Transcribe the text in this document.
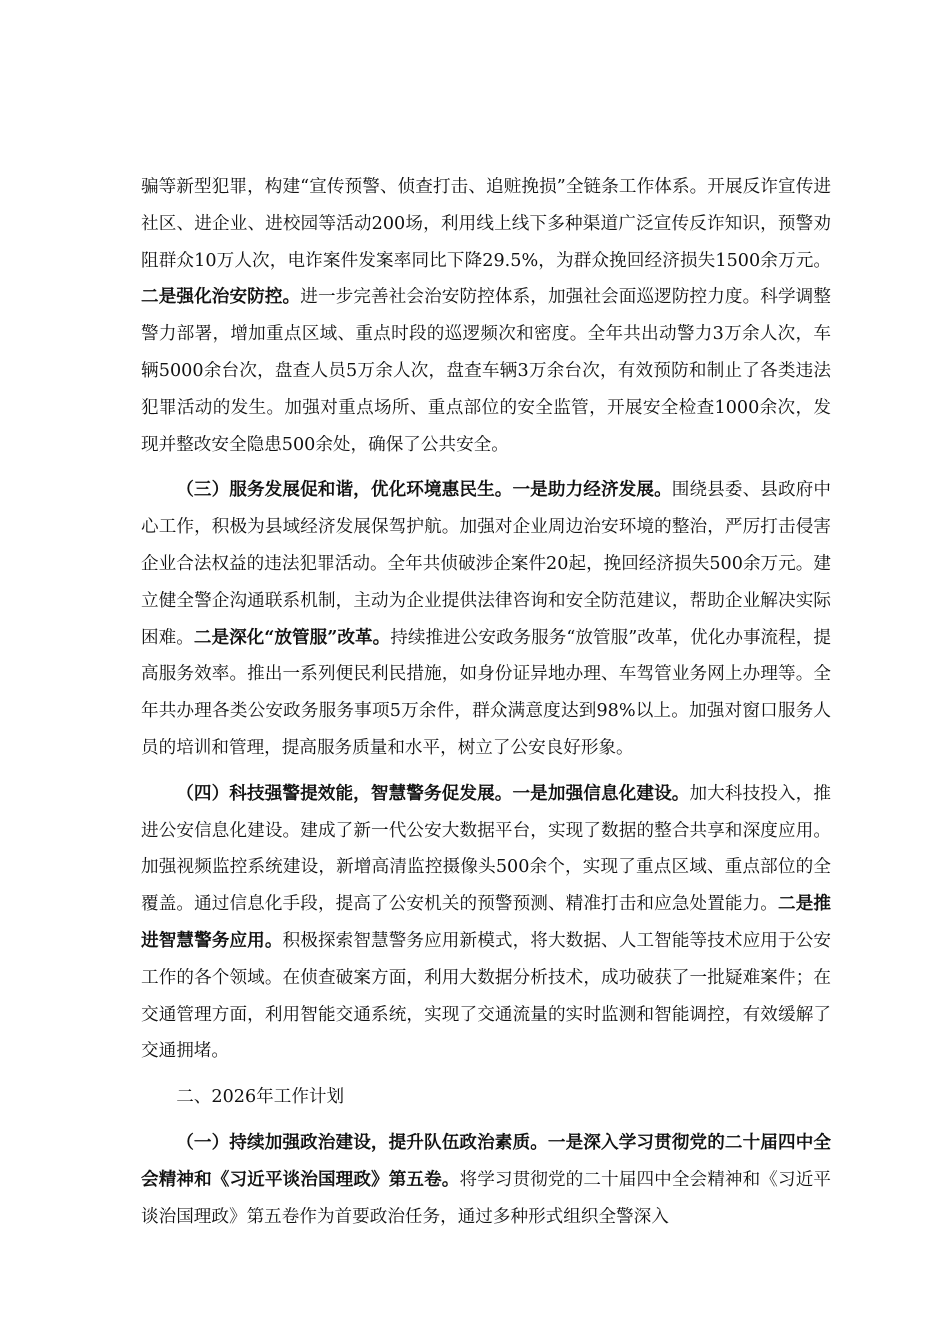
骗等新型犯罪，构建“宣传预警、侦查打击、追赃挽损”全链条工作体系。开展反诈宣传进社区、进企业、进校园等活动200场，利用线上线下多种渠道广泛宣传反诈知识，预警劝阻群众10万人次，电诈案件发案率同比下降29.5%，为群众挽回经济损失1500余万元。二是强化治安防控。进一步完善社会治安防控体系，加强社会面巡逻防控力度。科学调整警力部署，增加重点区域、重点时段的巡逻频次和密度。全年共出动警力3万余人次，车辆5000余台次，盘查人员5万余人次，盘查车辆3万余台次，有效预防和制止了各类违法犯罪活动的发生。加强对重点场所、重点部位的安全监管，开展安全检查1000余次，发现并整改安全隐患500余处，确保了公共安全。

（三）服务发展促和谐，优化环境惠民生。一是助力经济发展。围绕县委、县政府中心工作，积极为县域经济发展保驾护航。加强对企业周边治安环境的整治，严厉打击侵害企业合法权益的违法犯罪活动。全年共侦破涉企案件20起，挽回经济损失500余万元。建立健全警企沟通联系机制，主动为企业提供法律咨询和安全防范建议，帮助企业解决实际困难。二是深化“放管服”改革。持续推进公安政务服务“放管服”改革，优化办事流程，提高服务效率。推出一系列便民利民措施，如身份证异地办理、车驾管业务网上办理等。全年共办理各类公安政务服务事项5万余件，群众满意度达到98%以上。加强对窗口服务人员的培训和管理，提高服务质量和水平，树立了公安良好形象。

（四）科技强警提效能，智慧警务促发展。一是加强信息化建设。加大科技投入，推进公安信息化建设。建成了新一代公安大数据平台，实现了数据的整合共享和深度应用。加强视频监控系统建设，新增高清监控摄像头500余个，实现了重点区域、重点部位的全覆盖。通过信息化手段，提高了公安机关的预警预测、精准打击和应急处置能力。二是推进智慧警务应用。积极探索智慧警务应用新模式，将大数据、人工智能等技术应用于公安工作的各个领域。在侦查破案方面，利用大数据分析技术，成功破获了一批疑难案件；在交通管理方面，利用智能交通系统，实现了交通流量的实时监测和智能调控，有效缓解了交通拥堵。

二、2026年工作计划

（一）持续加强政治建设，提升队伍政治素质。一是深入学习贯彻党的二十届四中全会精神和《习近平谈治国理政》第五卷。将学习贯彻党的二十届四中全会精神和《习近平谈治国理政》第五卷作为首要政治任务，通过多种形式组织全警深入
